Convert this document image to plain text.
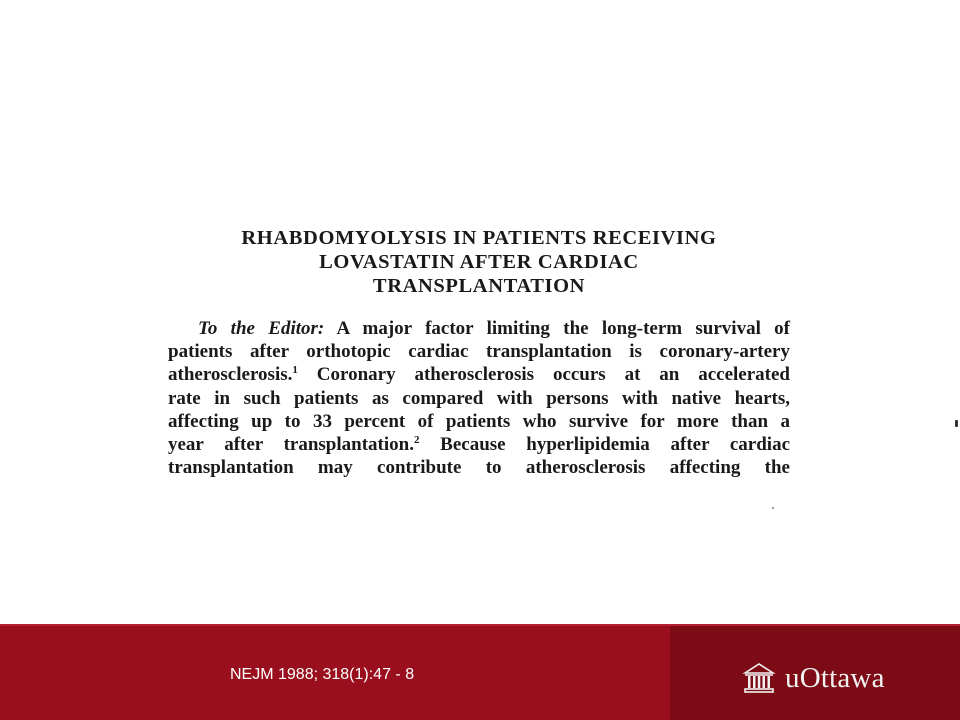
RHABDOMYOLYSIS IN PATIENTS RECEIVING
LOVASTATIN AFTER CARDIAC
TRANSPLANTATION
To the Editor: A major factor limiting the long-term survival of
patients after orthotopic cardiac transplantation is coronary-artery
atherosclerosis.$^1$ Coronary atherosclerosis occurs at an accelerated
rate in such patients as compared with persons with native hearts,
affecting up to 33 percent of patients who survive for more than a
year after transplantation.$^2$ Because hyperlipidemia after cardiac
transplantation may contribute to atherosclerosis affecting the
NEJM 1988; 318(1):47 - 8	uOttawa
